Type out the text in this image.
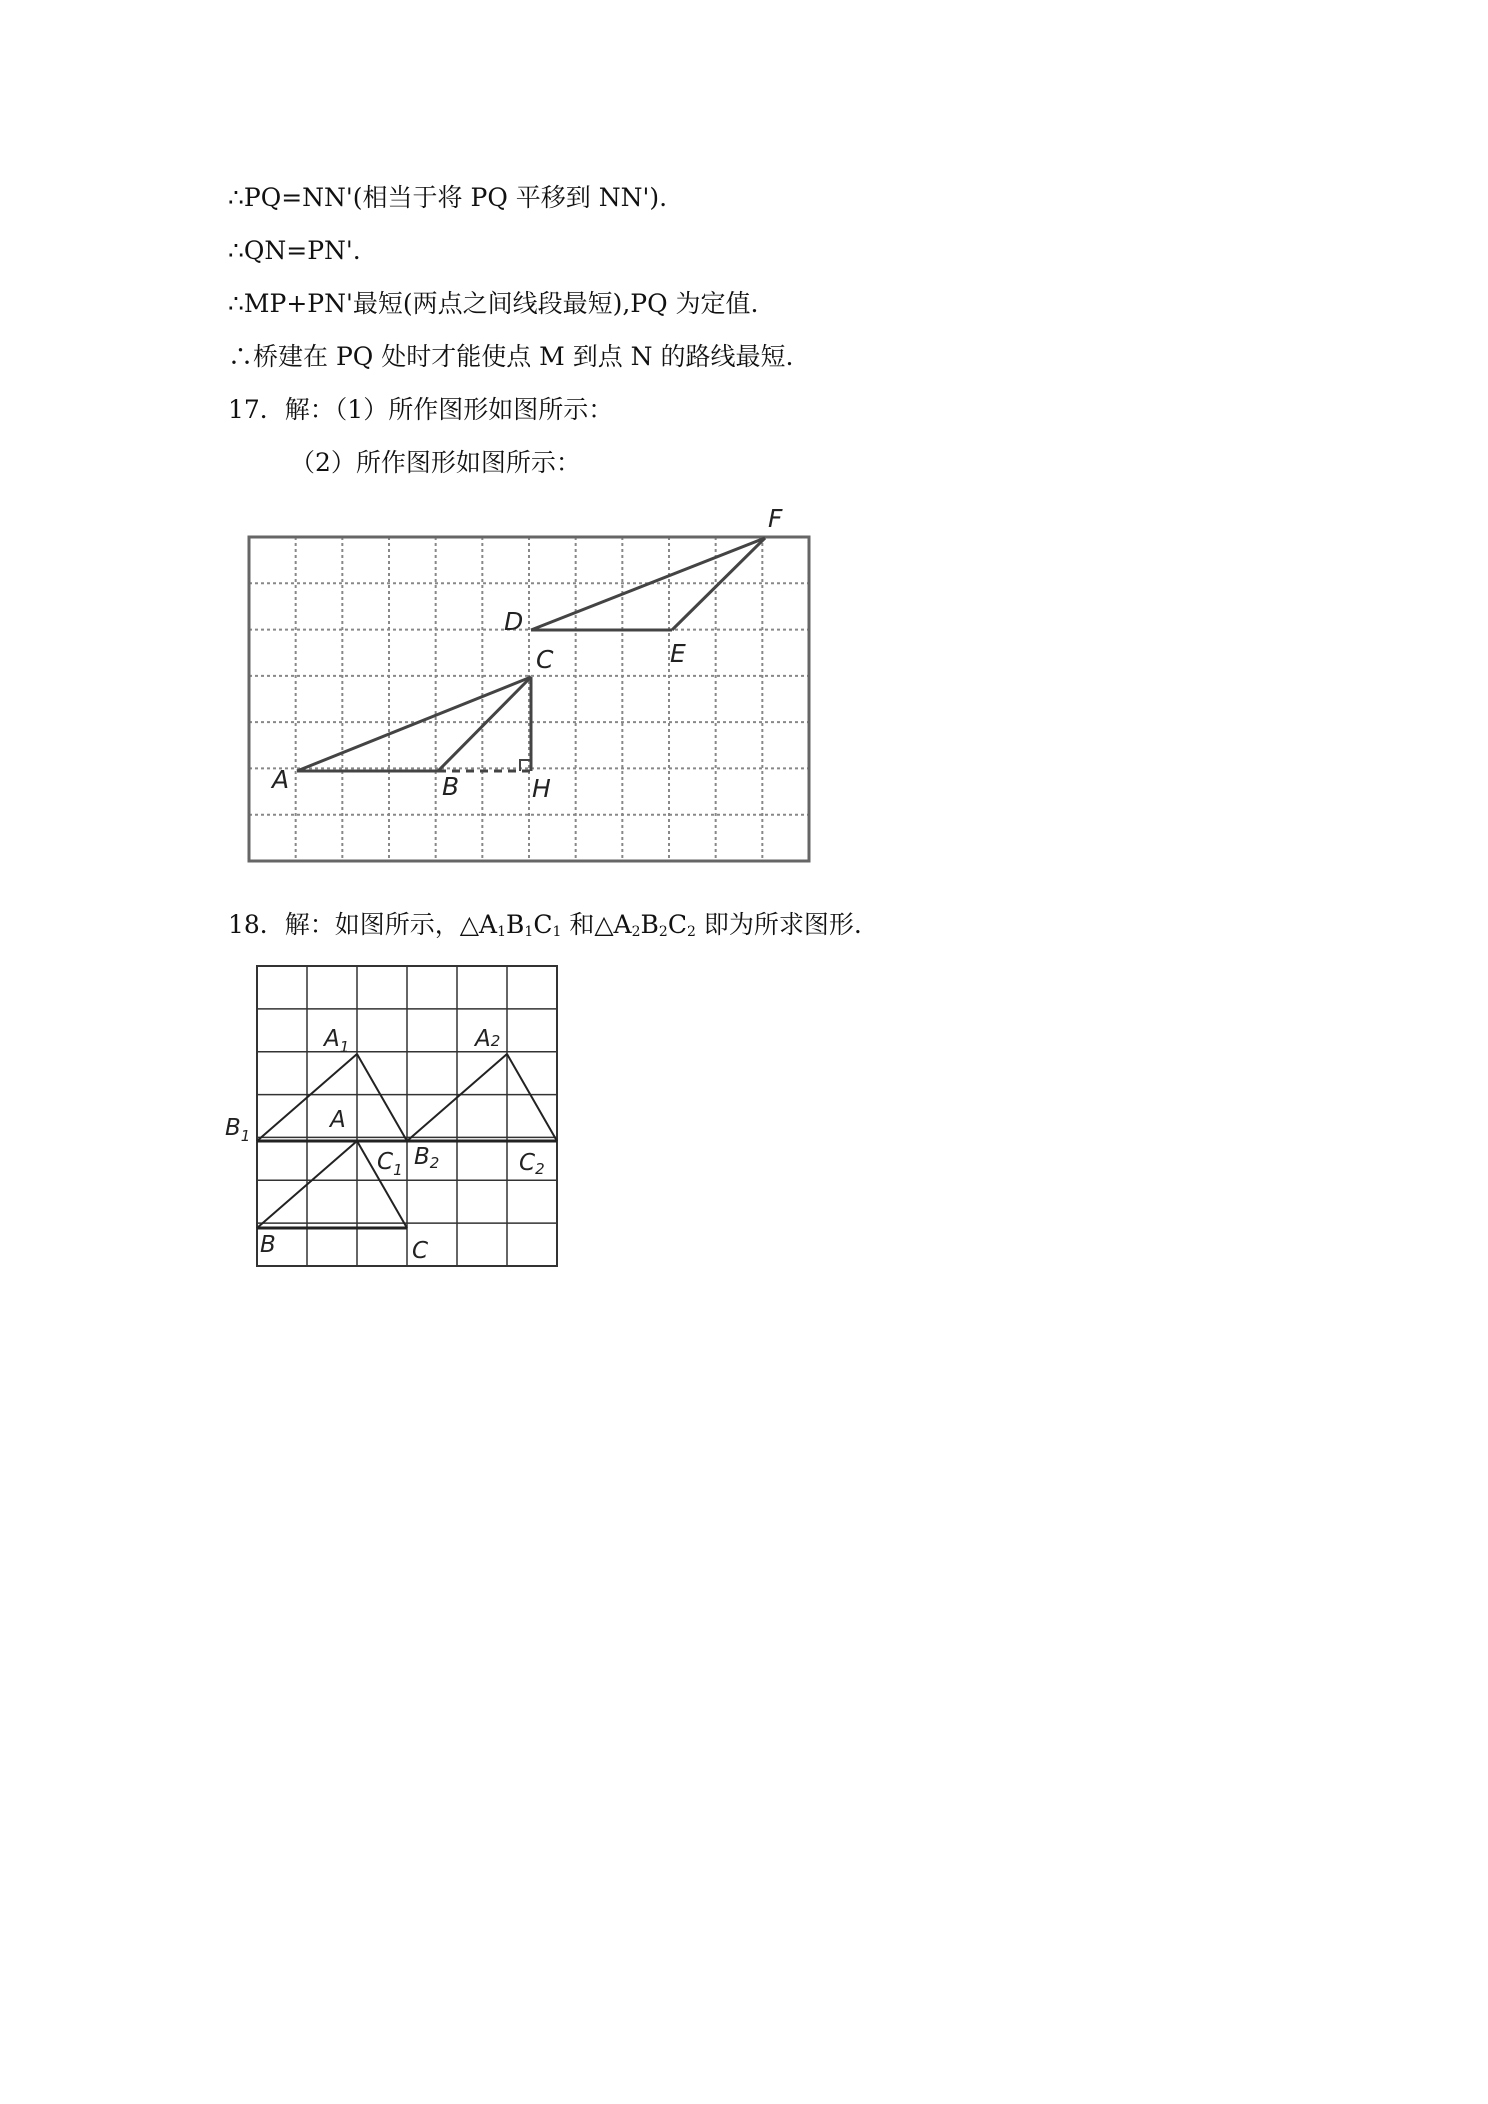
∴PQ=NN'(相当于将 PQ 平移到 NN').
∴QN=PN'.
∴MP+PN'最短(两点之间线段最短),PQ 为定值.
∴桥建在 PQ 处时才能使点 M 到点 N 的路线最短.
17．解：（1）所作图形如图所示：
（2）所作图形如图所示：
F
D
E
C
A	B	H
18．解：如图所示，$\triangle A_1B_1C_1$ 和$\triangle A_2B_2C_2$ 即为所求图形.
$A_1$	A2
$B_1$
A
$C_1$ B2	C2
B	C
